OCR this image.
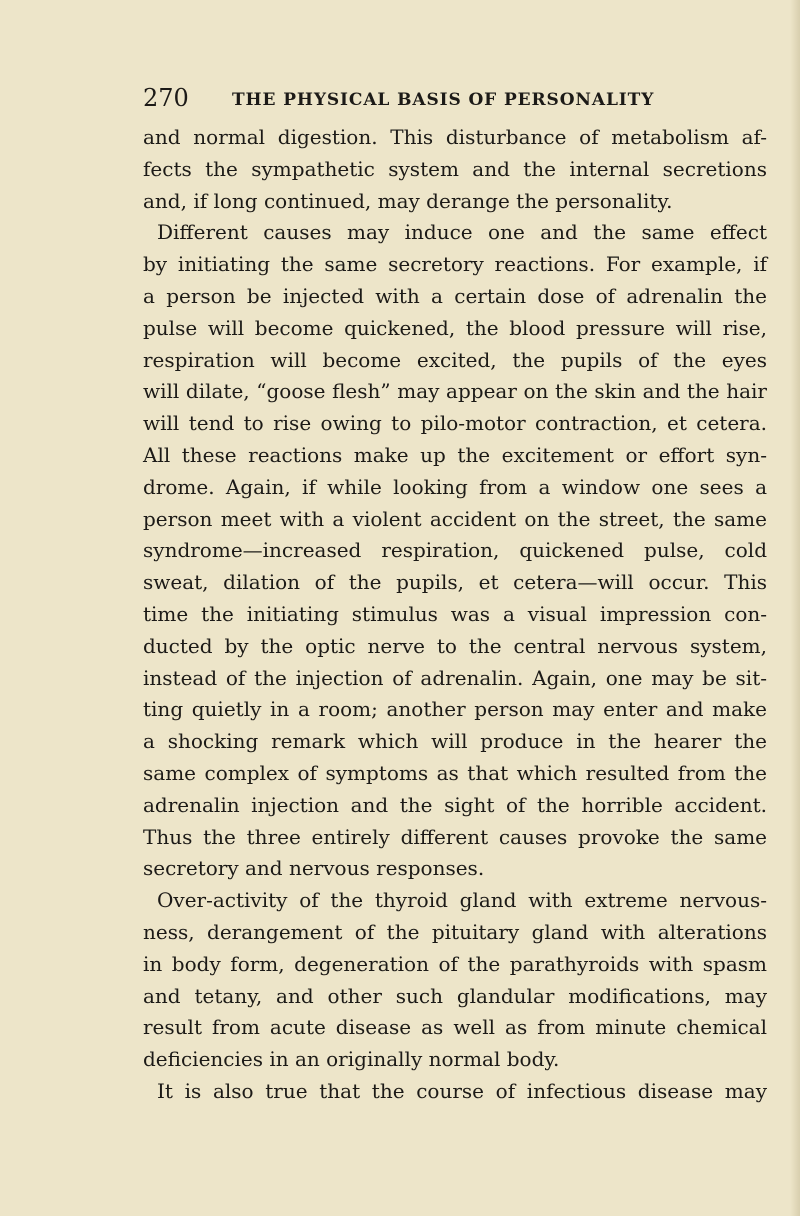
270	THE PHYSICAL BASIS OF PERSONALITY
and normal digestion. This disturbance of metabolism af-
fects the sympathetic system and the internal secretions
and, if long continued, may derange the personality.
Different causes may induce one and the same effect
by initiating the same secretory reactions. For example, if
a person be injected with a certain dose of adrenalin the
pulse will become quickened, the blood pressure will rise,
respiration will become excited, the pupils of the eyes
will dilate, “goose flesh” may appear on the skin and the hair
will tend to rise owing to pilo-motor contraction, et cetera.
All these reactions make up the excitement or effort syn-
drome. Again, if while looking from a window one sees a
person meet with a violent accident on the street, the same
syndrome—increased respiration, quickened pulse, cold
sweat, dilation of the pupils, et cetera—will occur. This
time the initiating stimulus was a visual impression con-
ducted by the optic nerve to the central nervous system,
instead of the injection of adrenalin. Again, one may be sit-
ting quietly in a room; another person may enter and make
a shocking remark which will produce in the hearer the
same complex of symptoms as that which resulted from the
adrenalin injection and the sight of the horrible accident.
Thus the three entirely different causes provoke the same
secretory and nervous responses.
Over-activity of the thyroid gland with extreme nervous-
ness, derangement of the pituitary gland with alterations
in body form, degeneration of the parathyroids with spasm
and tetany, and other such glandular modifications, may
result from acute disease as well as from minute chemical
deficiencies in an originally normal body.
It is also true that the course of infectious disease may
